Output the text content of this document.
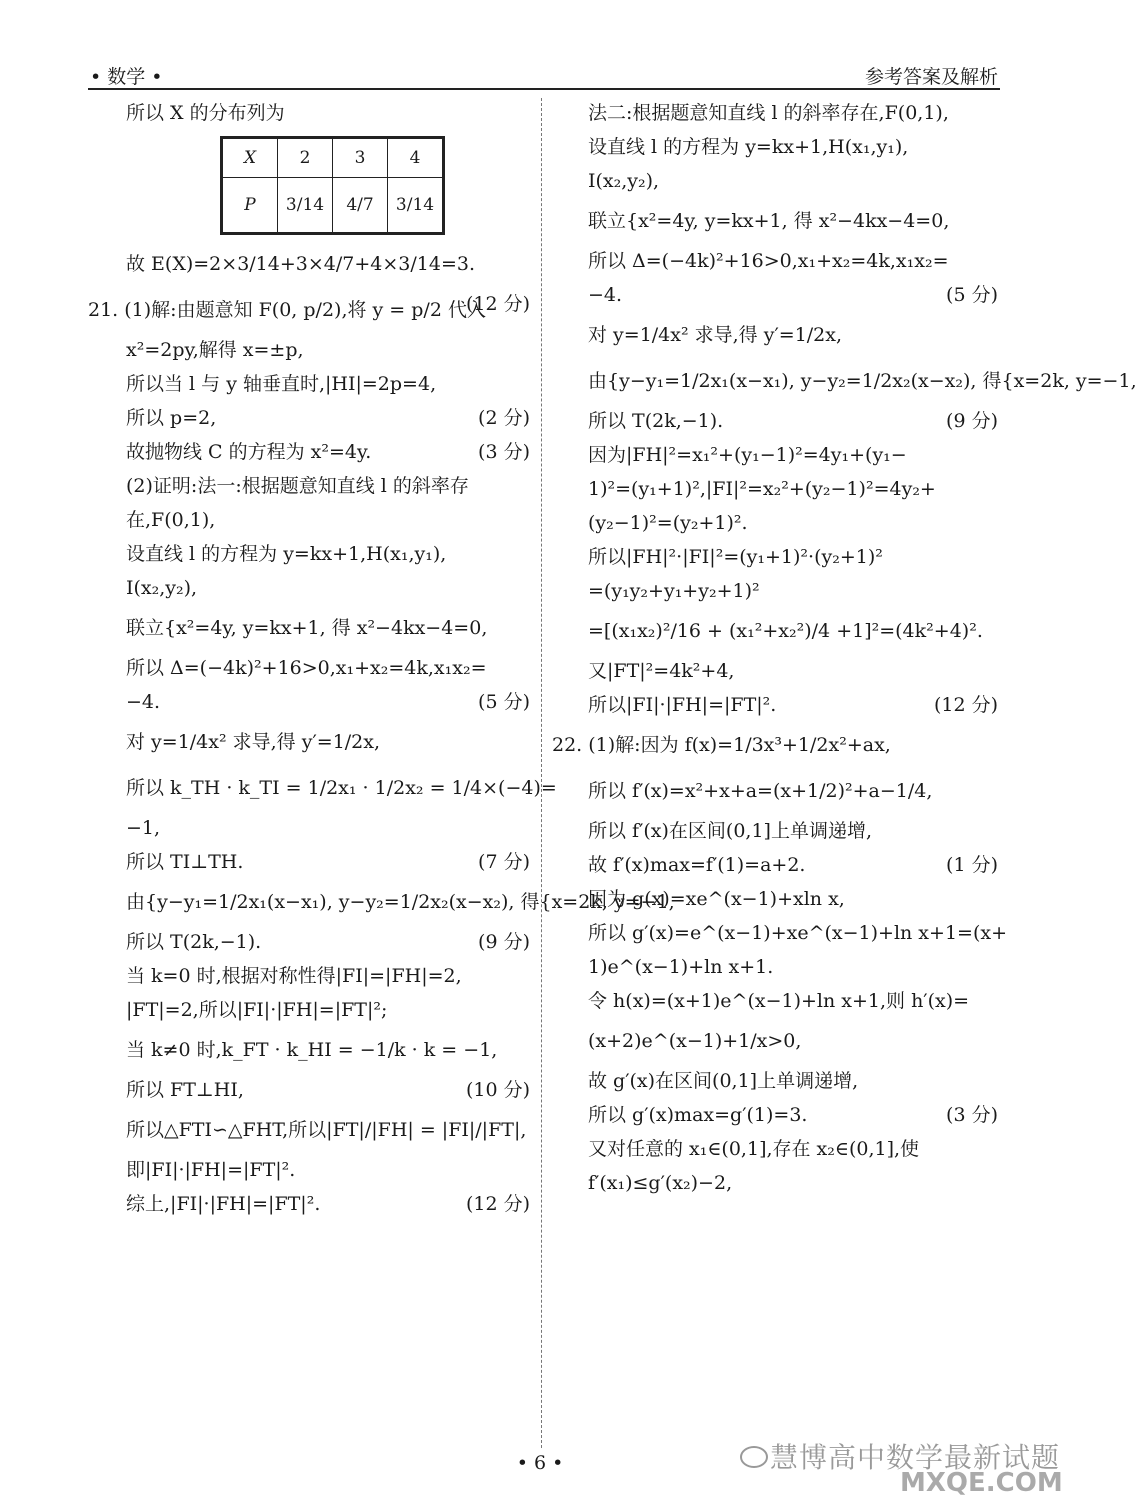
• 数学 •	参考答案及解析
所以 X 的分布列为
X	2	3	4
P	3/14	4/7	3/14
故 E(X)=2×3/14+3×4/7+4×3/14=3.
(12 分)
21. (1)解:由题意知 F(0, p/2),将 y = p/2 代入
x²=2py,解得 x=±p,
所以当 l 与 y 轴垂直时,|HI|=2p=4,
所以 p=2,	(2 分)
故抛物线 C 的方程为 x²=4y.	(3 分)
(2)证明:法一:根据题意知直线 l 的斜率存
在,F(0,1),
设直线 l 的方程为 y=kx+1,H(x₁,y₁),
I(x₂,y₂),
联立{x²=4y, y=kx+1, 得 x²−4kx−4=0,
所以 Δ=(−4k)²+16>0,x₁+x₂=4k,x₁x₂=
−4.	(5 分)
对 y=1/4x² 求导,得 y′=1/2x,
所以 k_TH · k_TI = 1/2x₁ · 1/2x₂ = 1/4×(−4)=
−1,
所以 TI⊥TH.	(7 分)
由{y−y₁=1/2x₁(x−x₁), y−y₂=1/2x₂(x−x₂), 得{x=2k, y=−1,
所以 T(2k,−1).	(9 分)
当 k=0 时,根据对称性得|FI|=|FH|=2,
|FT|=2,所以|FI|·|FH|=|FT|²;
当 k≠0 时,k_FT · k_HI = −1/k · k = −1,
所以 FT⊥HI,	(10 分)
所以△FTI∽△FHT,所以|FT|/|FH| = |FI|/|FT|,
即|FI|·|FH|=|FT|².
综上,|FI|·|FH|=|FT|².	(12 分)
法二:根据题意知直线 l 的斜率存在,F(0,1),
设直线 l 的方程为 y=kx+1,H(x₁,y₁),
I(x₂,y₂),
联立{x²=4y, y=kx+1, 得 x²−4kx−4=0,
所以 Δ=(−4k)²+16>0,x₁+x₂=4k,x₁x₂=
−4.	(5 分)
对 y=1/4x² 求导,得 y′=1/2x,
由{y−y₁=1/2x₁(x−x₁), y−y₂=1/2x₂(x−x₂), 得{x=2k, y=−1,
所以 T(2k,−1).	(9 分)
因为|FH|²=x₁²+(y₁−1)²=4y₁+(y₁−
1)²=(y₁+1)²,|FI|²=x₂²+(y₂−1)²=4y₂+
(y₂−1)²=(y₂+1)².
所以|FH|²·|FI|²=(y₁+1)²·(y₂+1)²
=(y₁y₂+y₁+y₂+1)²
=[(x₁x₂)²/16 + (x₁²+x₂²)/4 +1]²=(4k²+4)².
又|FT|²=4k²+4,
所以|FI|·|FH|=|FT|².	(12 分)
22. (1)解:因为 f(x)=1/3x³+1/2x²+ax,
所以 f′(x)=x²+x+a=(x+1/2)²+a−1/4,
所以 f′(x)在区间(0,1]上单调递增,
故 f′(x)max=f′(1)=a+2.	(1 分)
因为 g(x)=xe^(x−1)+xln x,
所以 g′(x)=e^(x−1)+xe^(x−1)+ln x+1=(x+
1)e^(x−1)+ln x+1.
令 h(x)=(x+1)e^(x−1)+ln x+1,则 h′(x)=
(x+2)e^(x−1)+1/x>0,
故 g′(x)在区间(0,1]上单调递增,
所以 g′(x)max=g′(1)=3.	(3 分)
又对任意的 x₁∈(0,1],存在 x₂∈(0,1],使
f′(x₁)≤g′(x₂)−2,
• 6 •	慧博高中数学最新试题
MXQE.COM
